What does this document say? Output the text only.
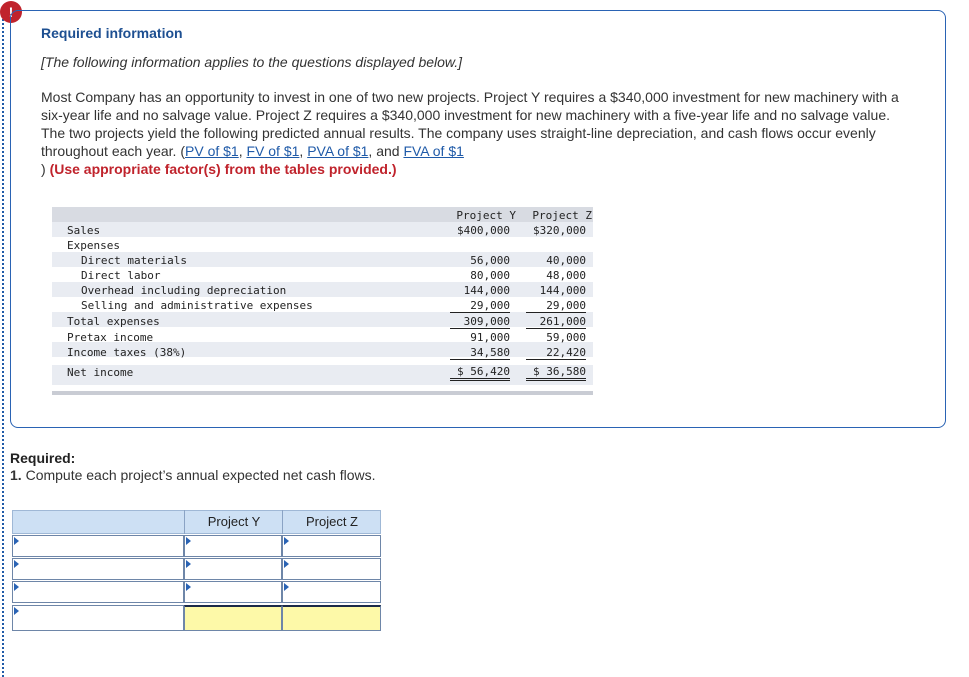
!
Required information
[The following information applies to the questions displayed below.]
Most Company has an opportunity to invest in one of two new projects. Project Y requires a $340,000 investment for new machinery with a six-year life and no salvage value. Project Z requires a $340,000 investment for new machinery with a five-year life and no salvage value. The two projects yield the following predicted annual results. The company uses straight-line depreciation, and cash flows occur evenly throughout each year. (PV of $1, FV of $1, PVA of $1, and FVA of $1
) (Use appropriate factor(s) from the tables provided.)
Project Y	Project Z
Sales	$400,000	$320,000
Expenses
Direct materials	56,000	40,000
Direct labor	80,000	48,000
Overhead including depreciation	144,000	144,000
Selling and administrative expenses	29,000	29,000
Total expenses	309,000	261,000
Pretax income	91,000	59,000
Income taxes (38%)	34,580	22,420
Net income	$ 56,420	$ 36,580
Required:
1. Compute each project’s annual expected net cash flows.
Project Y	Project Z
